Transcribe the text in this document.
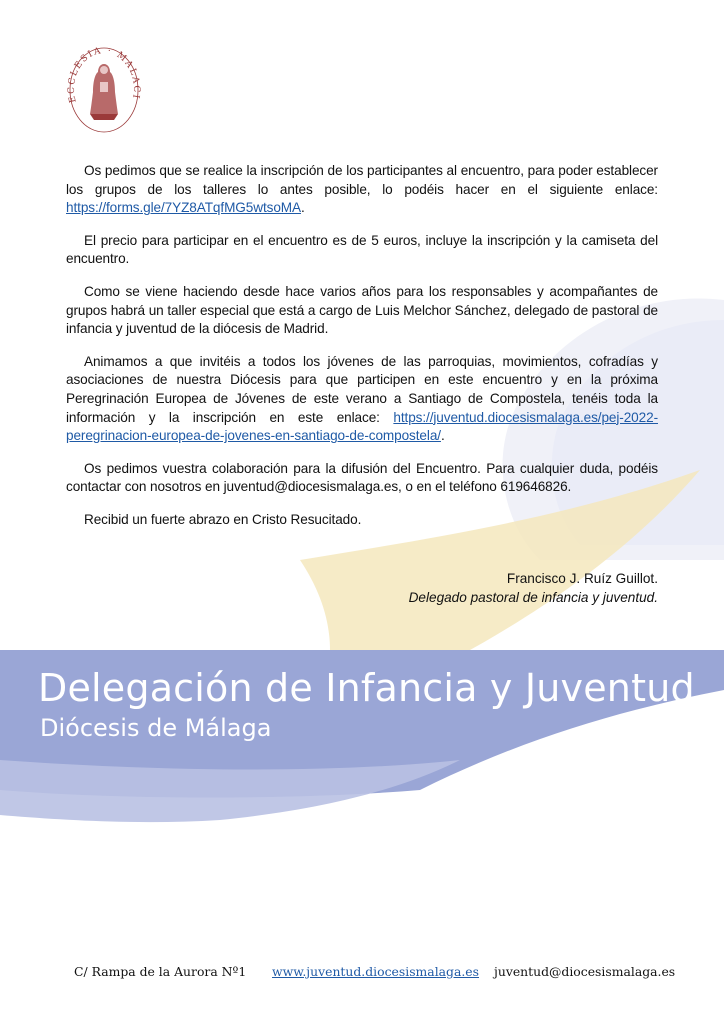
Delegación de Infancia y Juventud
Diócesis de Málaga
ECCLESIA · MALACI

Os pedimos que se realice la inscripción de los participantes al encuentro, para poder establecer los grupos de los talleres lo antes posible, lo podéis hacer en el siguiente enlace: https://forms.gle/7YZ8ATqfMG5wtsoMA.

El precio para participar en el encuentro es de 5 euros, incluye la inscripción y la camiseta del encuentro.

Como se viene haciendo desde hace varios años para los responsables y acompañantes de grupos habrá un taller especial que está a cargo de Luis Melchor Sánchez, delegado de pastoral de infancia y juventud de la diócesis de Madrid.

Animamos a que invitéis a todos los jóvenes de las parroquias, movimientos, cofradías y asociaciones de nuestra Diócesis para que participen en este encuentro y en la próxima Peregrinación Europea de Jóvenes de este verano a Santiago de Compostela, tenéis toda la información y la inscripción en este enlace: https://juventud.diocesismalaga.es/pej-2022-peregrinacion-europea-de-jovenes-en-santiago-de-compostela/.

Os pedimos vuestra colaboración para la difusión del Encuentro. Para cualquier duda, podéis contactar con nosotros en juventud@diocesismalaga.es, o en el teléfono 619646826.

Recibid un fuerte abrazo en Cristo Resucitado.

Francisco J. Ruíz Guillot.
Delegado pastoral de infancia y juventud.
C/ Rampa de la Aurora Nº1 www.juventud.diocesismalaga.es juventud@diocesismalaga.es
